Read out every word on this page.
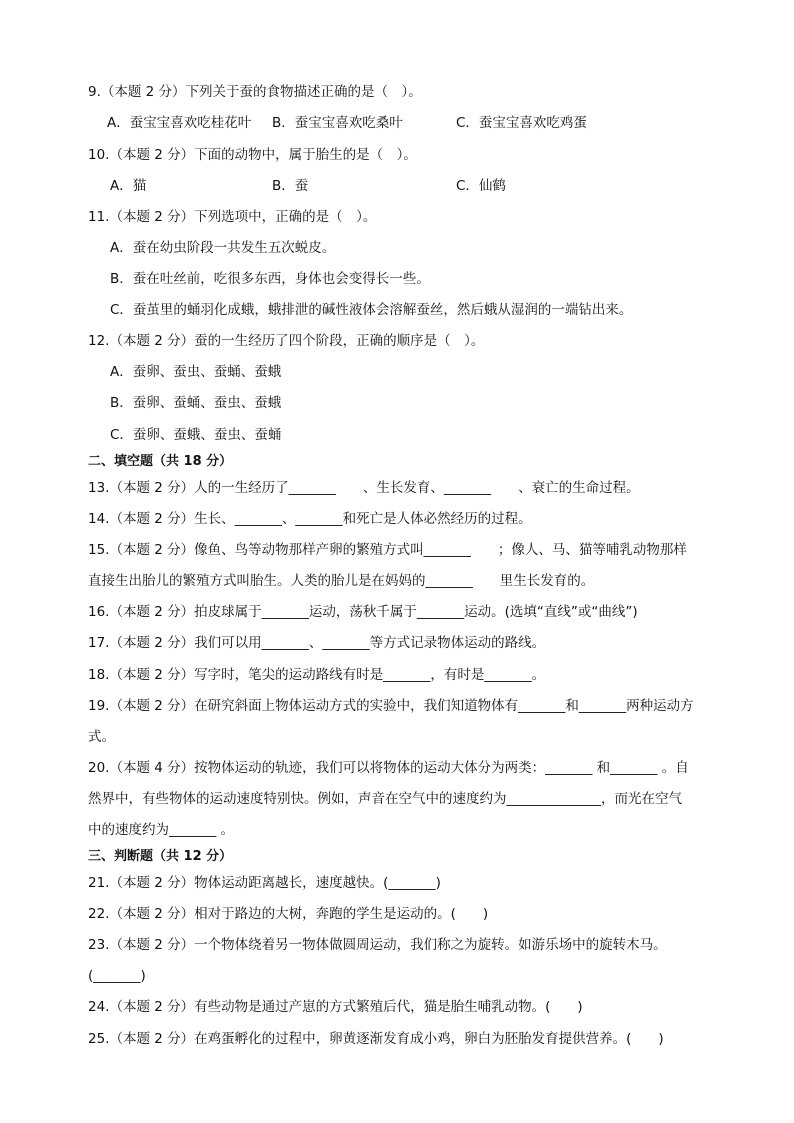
9.（本题 2 分）下列关于蚕的食物描述正确的是（　）。
A．蚕宝宝喜欢吃桂花叶 B．蚕宝宝喜欢吃桑叶	C．蚕宝宝喜欢吃鸡蛋
10.（本题 2 分）下面的动物中，属于胎生的是（　）。
A．猫	B．蚕	C．仙鹤
11.（本题 2 分）下列选项中，正确的是（　）。
A．蚕在幼虫阶段一共发生五次蜕皮。
B．蚕在吐丝前，吃很多东西，身体也会变得长一些。
C．蚕茧里的蛹羽化成蛾，蛾排泄的碱性液体会溶解蚕丝，然后蛾从湿润的一端钻出来。
12.（本题 2 分）蚕的一生经历了四个阶段，正确的顺序是（　）。
A．蚕卵、蚕虫、蚕蛹、蚕蛾
B．蚕卵、蚕蛹、蚕虫、蚕蛾
C．蚕卵、蚕蛾、蚕虫、蚕蛹
二、填空题（共 18 分）
13.（本题 2 分）人的一生经历了_______　　、生长发育、_______　　、衰亡的生命过程。
14.（本题 2 分）生长、_______、_______和死亡是人体必然经历的过程。
15.（本题 2 分）像鱼、鸟等动物那样产卵的繁殖方式叫_______　　；像人、马、猫等哺乳动物那样
直接生出胎儿的繁殖方式叫胎生。人类的胎儿是在妈妈的_______　　里生长发育的。
16.（本题 2 分）拍皮球属于_______运动，荡秋千属于_______运动。(选填“直线”或“曲线”)
17.（本题 2 分）我们可以用_______、_______等方式记录物体运动的路线。
18.（本题 2 分）写字时，笔尖的运动路线有时是_______，有时是_______。
19.（本题 2 分）在研究斜面上物体运动方式的实验中，我们知道物体有_______和_______两种运动方
式。
20.（本题 4 分）按物体运动的轨迹，我们可以将物体的运动大体分为两类：_______ 和_______ 。自
然界中，有些物体的运动速度特别快。例如，声音在空气中的速度约为______________，而光在空气
中的速度约为_______ 。
三、判断题（共 12 分）
21.（本题 2 分）物体运动距离越长，速度越快。(_______)
22.（本题 2 分）相对于路边的大树，奔跑的学生是运动的。(　　)
23.（本题 2 分）一个物体绕着另一物体做圆周运动，我们称之为旋转。如游乐场中的旋转木马。
(_______)
24.（本题 2 分）有些动物是通过产崽的方式繁殖后代，猫是胎生哺乳动物。(　　)
25.（本题 2 分）在鸡蛋孵化的过程中，卵黄逐渐发育成小鸡，卵白为胚胎发育提供营养。(　　)
